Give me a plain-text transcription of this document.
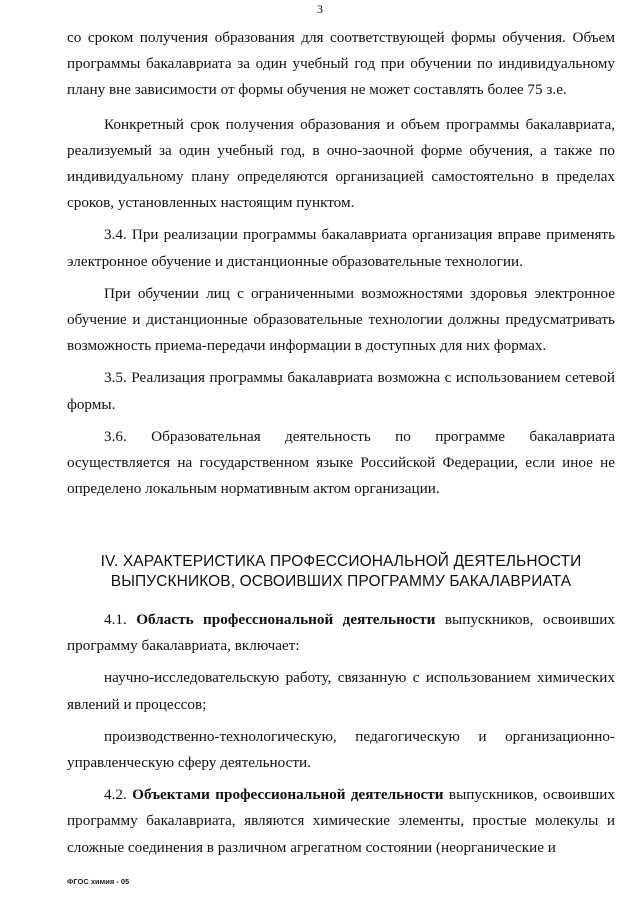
3

со сроком получения образования для соответствующей формы обучения. Объем программы бакалавриата за один учебный год при обучении по индивидуальному плану вне зависимости от формы обучения не может составлять более 75 з.е.

Конкретный срок получения образования и объем программы бакалавриата, реализуемый за один учебный год, в очно-заочной форме обучения, а также по индивидуальному плану определяются организацией самостоятельно в пределах сроков, установленных настоящим пунктом.

3.4. При реализации программы бакалавриата организация вправе применять электронное обучение и дистанционные образовательные технологии.

При обучении лиц с ограниченными возможностями здоровья электронное обучение и дистанционные образовательные технологии должны предусматривать возможность приема-передачи информации в доступных для них формах.

3.5. Реализация программы бакалавриата возможна с использованием сетевой формы.

3.6. Образовательная деятельность по программе бакалавриата осуществляется на государственном языке Российской Федерации, если иное не определено локальным нормативным актом организации.

IV. ХАРАКТЕРИСТИКА ПРОФЕССИОНАЛЬНОЙ ДЕЯТЕЛЬНОСТИ
ВЫПУСКНИКОВ, ОСВОИВШИХ ПРОГРАММУ БАКАЛАВРИАТА

4.1. Область профессиональной деятельности выпускников, освоивших программу бакалавриата, включает:

научно-исследовательскую работу, связанную с использованием химических явлений и процессов;

производственно-технологическую, педагогическую и организационно-управленческую сферу деятельности.

4.2. Объектами профессиональной деятельности выпускников, освоивших программу бакалавриата, являются химические элементы, простые молекулы и сложные соединения в различном агрегатном состоянии (неорганические и

ФГОС химия - 05
